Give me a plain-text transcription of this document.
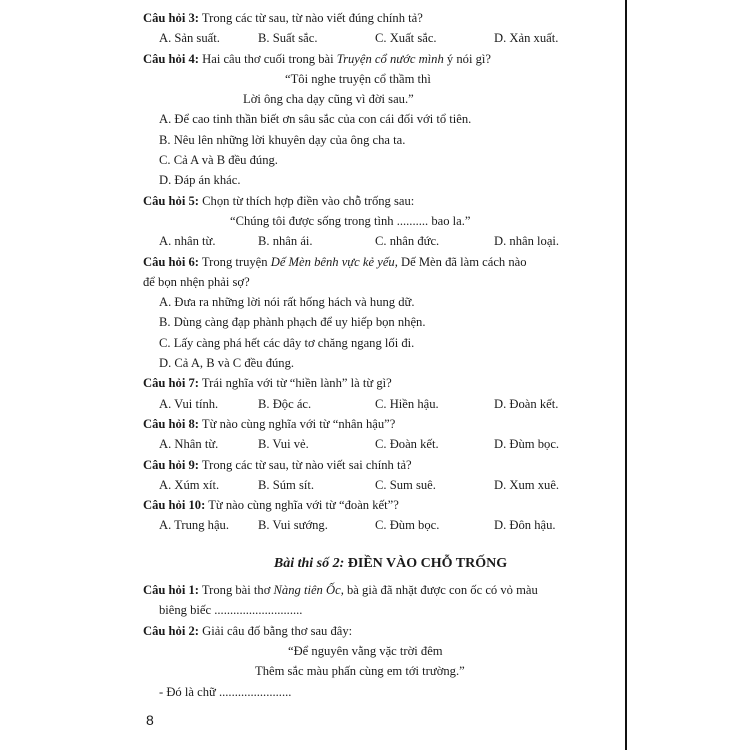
Câu hỏi 3: Trong các từ sau, từ nào viết đúng chính tả?
A. Sản suất.	B. Suất sắc.	C. Xuất sắc.	D. Xản xuất.
Câu hỏi 4: Hai câu thơ cuối trong bài Truyện cổ nước mình ý nói gì?
“Tôi nghe truyện cổ thầm thì
Lời ông cha dạy cũng vì đời sau.”
A. Để cao tinh thần biết ơn sâu sắc của con cái đối với tổ tiên.
B. Nêu lên những lời khuyên dạy của ông cha ta.
C. Cả A và B đều đúng.
D. Đáp án khác.
Câu hỏi 5: Chọn từ thích hợp điền vào chỗ trống sau:
“Chúng tôi được sống trong tình .......... bao la.”
A. nhân từ.	B. nhân ái.	C. nhân đức.	D. nhân loại.
Câu hỏi 6: Trong truyện Dế Mèn bênh vực kẻ yếu, Dế Mèn đã làm cách nào
để bọn nhện phải sợ?
A. Đưa ra những lời nói rất hống hách và hung dữ.
B. Dùng càng đạp phành phạch để uy hiếp bọn nhện.
C. Lấy càng phá hết các dây tơ chăng ngang lối đi.
D. Cả A, B và C đều đúng.
Câu hỏi 7: Trái nghĩa với từ “hiền lành” là từ gì?
A. Vui tính.	B. Độc ác.	C. Hiền hậu.	D. Đoàn kết.
Câu hỏi 8: Từ nào cùng nghĩa với từ “nhân hậu”?
A. Nhân từ.	B. Vui vẻ.	C. Đoàn kết.	D. Đùm bọc.
Câu hỏi 9: Trong các từ sau, từ nào viết sai chính tả?
A. Xúm xít.	B. Súm sít.	C. Sum suê.	D. Xum xuê.
Câu hỏi 10: Từ nào cùng nghĩa với từ “đoàn kết”?
A. Trung hậu. B. Vui sướng.	C. Đùm bọc.	D. Đôn hậu.
Bài thi số 2: ĐIỀN VÀO CHỖ TRỐNG
Câu hỏi 1: Trong bài thơ Nàng tiên Ốc, bà già đã nhặt được con ốc có vỏ màu
biêng biếc ............................
Câu hỏi 2: Giải câu đố bằng thơ sau đây:
“Để nguyên vằng vặc trời đêm
Thêm sắc màu phấn cùng em tới trường.”
- Đó là chữ .......................
8
